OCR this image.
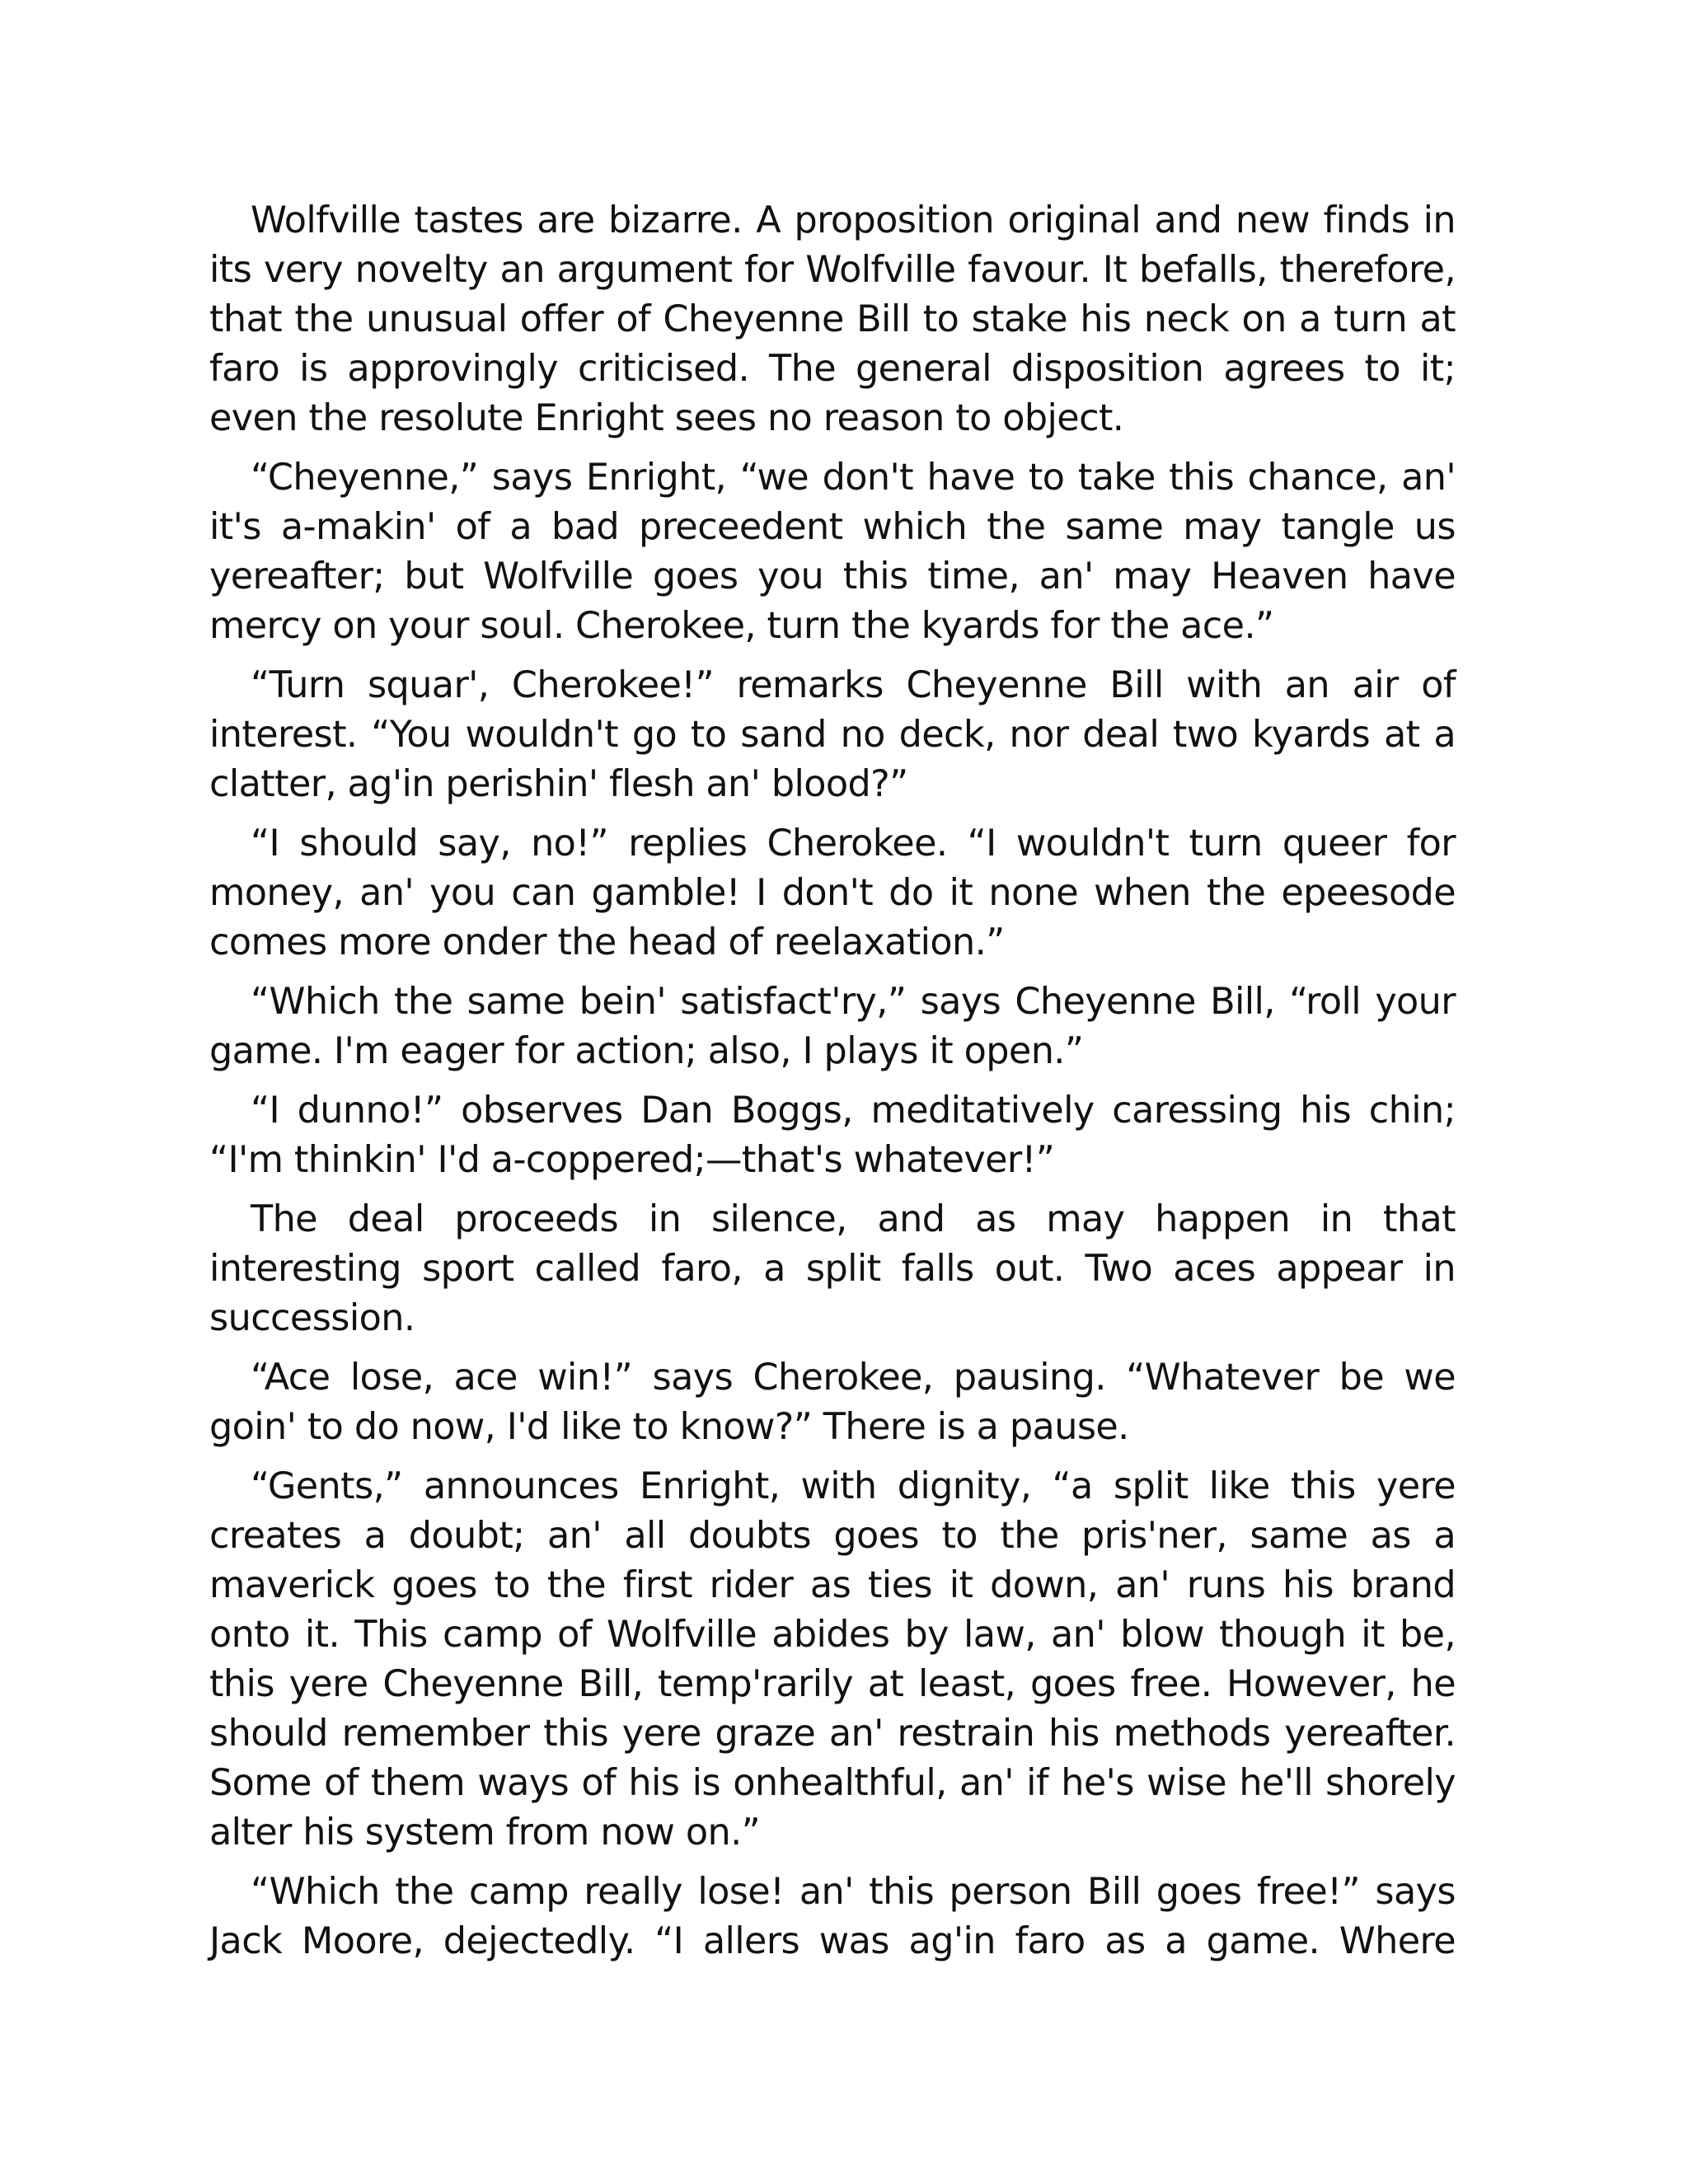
Wolfville tastes are bizarre. A proposition original and new finds in its very novelty an argument for Wolfville favour. It befalls, therefore, that the unusual offer of Cheyenne Bill to stake his neck on a turn at faro is approvingly criticised. The general disposition agrees to it; even the resolute Enright sees no reason to object.

“Cheyenne,” says Enright, “we don't have to take this chance, an' it's a-makin' of a bad preceedent which the same may tangle us yereafter; but Wolfville goes you this time, an' may Heaven have mercy on your soul. Cherokee, turn the kyards for the ace.”

“Turn squar', Cherokee!” remarks Cheyenne Bill with an air of interest. “You wouldn't go to sand no deck, nor deal two kyards at a clatter, ag'in perishin' flesh an' blood?”

“I should say, no!” replies Cherokee. “I wouldn't turn queer for money, an' you can gamble! I don't do it none when the epeesode comes more onder the head of reelaxation.”

“Which the same bein' satisfact'ry,” says Cheyenne Bill, “roll your game. I'm eager for action; also, I plays it open.”

“I dunno!” observes Dan Boggs, meditatively caressing his chin; “I'm thinkin' I'd a-coppered;—that's whatever!”

The deal proceeds in silence, and as may happen in that interesting sport called faro, a split falls out. Two aces appear in succession.

“Ace lose, ace win!” says Cherokee, pausing. “Whatever be we goin' to do now, I'd like to know?” There is a pause.

“Gents,” announces Enright, with dignity, “a split like this yere creates a doubt; an' all doubts goes to the pris'ner, same as a maverick goes to the first rider as ties it down, an' runs his brand onto it. This camp of Wolfville abides by law, an' blow though it be, this yere Cheyenne Bill, temp'rarily at least, goes free. However, he should remember this yere graze an' restrain his methods yereafter. Some of them ways of his is onhealthful, an' if he's wise he'll shorely alter his system from now on.”

“Which the camp really lose! an' this person Bill goes free!” says Jack Moore, dejectedly. “I allers was ag'in faro as a game. Where
